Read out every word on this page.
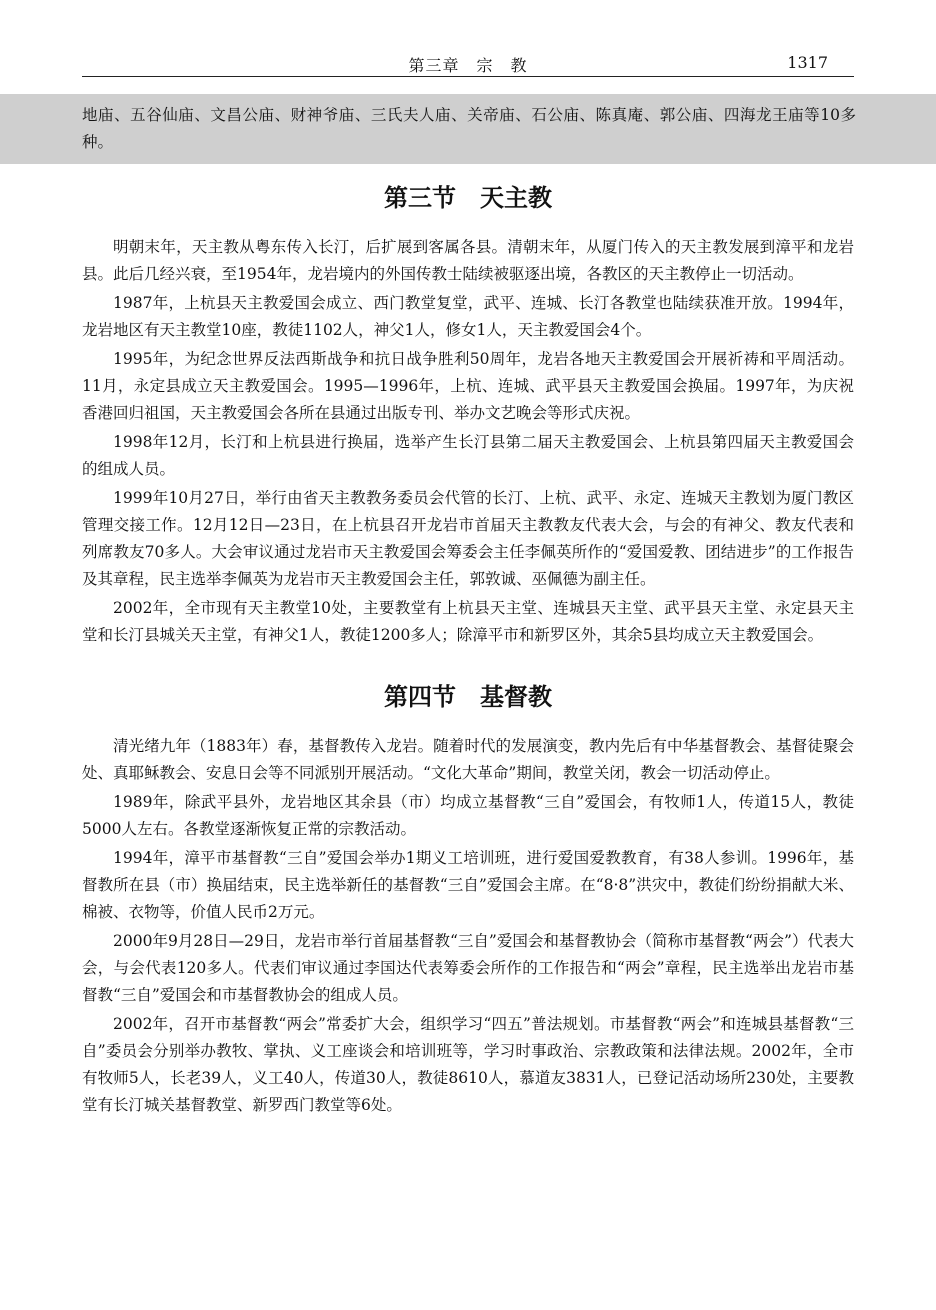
第三章　宗　教	1317
地庙、五谷仙庙、文昌公庙、财神爷庙、三氏夫人庙、关帝庙、石公庙、陈真庵、郭公庙、四海龙王庙等10多种。
第三节　天主教

明朝末年，天主教从粤东传入长汀，后扩展到客属各县。清朝末年，从厦门传入的天主教发展到漳平和龙岩县。此后几经兴衰，至1954年，龙岩境内的外国传教士陆续被驱逐出境，各教区的天主教停止一切活动。

1987年，上杭县天主教爱国会成立、西门教堂复堂，武平、连城、长汀各教堂也陆续获准开放。1994年，龙岩地区有天主教堂10座，教徒1102人，神父1人，修女1人，天主教爱国会4个。

1995年，为纪念世界反法西斯战争和抗日战争胜利50周年，龙岩各地天主教爱国会开展祈祷和平周活动。11月，永定县成立天主教爱国会。1995—1996年，上杭、连城、武平县天主教爱国会换届。1997年，为庆祝香港回归祖国，天主教爱国会各所在县通过出版专刊、举办文艺晚会等形式庆祝。

1998年12月，长汀和上杭县进行换届，选举产生长汀县第二届天主教爱国会、上杭县第四届天主教爱国会的组成人员。

1999年10月27日，举行由省天主教教务委员会代管的长汀、上杭、武平、永定、连城天主教划为厦门教区管理交接工作。12月12日—23日，在上杭县召开龙岩市首届天主教教友代表大会，与会的有神父、教友代表和列席教友70多人。大会审议通过龙岩市天主教爱国会筹委会主任李佩英所作的“爱国爱教、团结进步”的工作报告及其章程，民主选举李佩英为龙岩市天主教爱国会主任，郭敦诚、巫佩德为副主任。

2002年，全市现有天主教堂10处，主要教堂有上杭县天主堂、连城县天主堂、武平县天主堂、永定县天主堂和长汀县城关天主堂，有神父1人，教徒1200多人；除漳平市和新罗区外，其余5县均成立天主教爱国会。

第四节　基督教

清光绪九年（1883年）春，基督教传入龙岩。随着时代的发展演变，教内先后有中华基督教会、基督徒聚会处、真耶稣教会、安息日会等不同派别开展活动。“文化大革命”期间，教堂关闭，教会一切活动停止。

1989年，除武平县外，龙岩地区其余县（市）均成立基督教“三自”爱国会，有牧师1人，传道15人，教徒5000人左右。各教堂逐渐恢复正常的宗教活动。

1994年，漳平市基督教“三自”爱国会举办1期义工培训班，进行爱国爱教教育，有38人参训。1996年，基督教所在县（市）换届结束，民主选举新任的基督教“三自”爱国会主席。在“8·8”洪灾中，教徒们纷纷捐献大米、棉被、衣物等，价值人民币2万元。

2000年9月28日—29日，龙岩市举行首届基督教“三自”爱国会和基督教协会（简称市基督教“两会”）代表大会，与会代表120多人。代表们审议通过李国达代表筹委会所作的工作报告和“两会”章程，民主选举出龙岩市基督教“三自”爱国会和市基督教协会的组成人员。

2002年，召开市基督教“两会”常委扩大会，组织学习“四五”普法规划。市基督教“两会”和连城县基督教“三自”委员会分别举办教牧、掌执、义工座谈会和培训班等，学习时事政治、宗教政策和法律法规。2002年，全市有牧师5人，长老39人，义工40人，传道30人，教徒8610人，慕道友3831人，已登记活动场所230处，主要教堂有长汀城关基督教堂、新罗西门教堂等6处。
